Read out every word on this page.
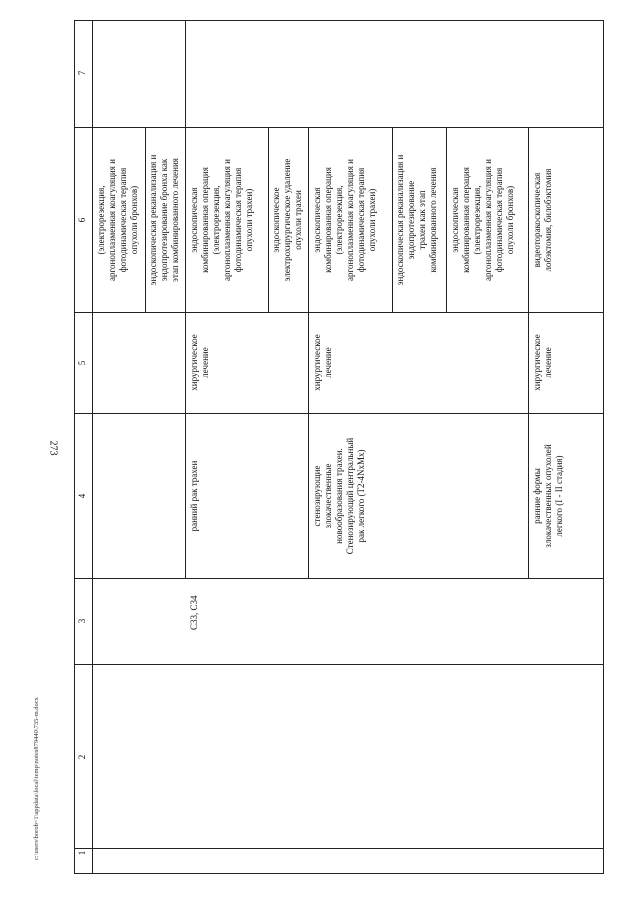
273
c:\users\borob~1\appdata\local\temp\notes879440\735-m.docx	1
2
3
4
5
6
7
(электрорезекция,
аргоноплазменная коагуляция и
фотодинамическая терапия
опухоли бронхов)
эндоскопическая реканализация и
эндопротезирование бронха как
этап комбинированного лечения
C33, C34
ранний рак трахеи
хирургическое
лечение
эндоскопическая
комбинированная операция
(электрорезекция,
аргоноплазменная коагуляция и
фотодинамическая терапия
опухоли трахеи) эндоскопическое
электрохирургическое удаление
опухоли трахеи
стенозирующие
злокачественные
новообразования трахеи.
Стенозирующий центральный
рак легкого (T2-4NxMx)
хирургическое
лечение
эндоскопическая
комбинированная операция
(электрорезекция,
аргоноплазменная коагуляция и
фотодинамическая терапия
опухоли трахеи)
эндоскопическая реканализация и
эндопротезирование
трахеи как этап
комбинированного лечения
эндоскопическая
комбинированная операция
(электрорезекция,
аргоноплазменная коагуляция и
фотодинамическая терапия
опухоли бронхов)
ранние формы
злокачественных опухолей
легкого (I - II стадия)
хирургическое
лечение
видеоторакоскопическая
лобэктомия, билобэктомия
